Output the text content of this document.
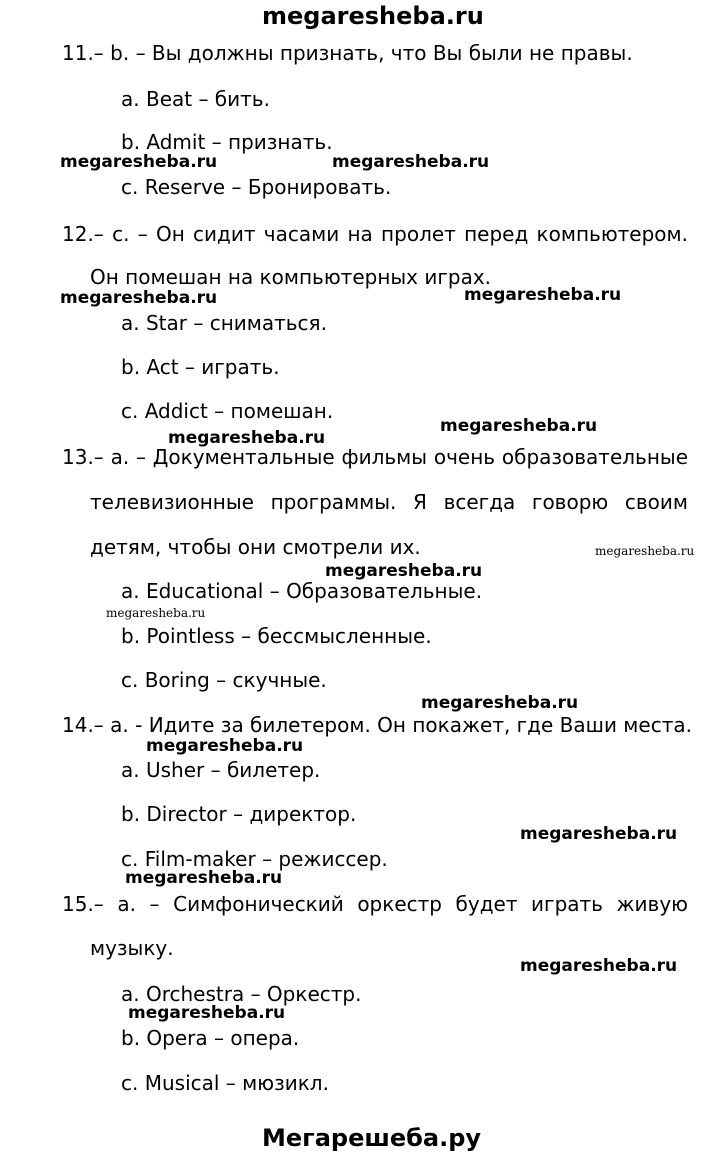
megaresheba.ru
11.– b. – Вы должны признать, что Вы были не правы.
a. Beat – бить.
b. Admit – признать.
c. Reserve – Бронировать.
12.– c. – Он сидит часами на пролет перед компьютером.
Он помешан на компьютерных играх.
a. Star – сниматься.
b. Act – играть.
c. Addict – помешан.
13.– a. – Документальные фильмы очень образовательные
телевизионные программы. Я всегда говорю своим
детям, чтобы они смотрели их.
a. Educational – Образовательные.
b. Pointless – бессмысленные.
c. Boring – скучные.
14.– a. - Идите за билетером. Он покажет, где Ваши места.
a. Usher – билетер.
b. Director – директор.
c. Film-maker – режиссер.
15.– a. – Симфонический оркестр будет играть живую
музыку.
a. Orchestra – Оркестр.
b. Opera – опера.
c. Musical – мюзикл.
Мегарешеба.ру
megaresheba.ru	megaresheba.ru
megaresheba.ru	megaresheba.ru
megaresheba.ru
megaresheba.ru
megaresheba.ru
megaresheba.ru
megaresheba.ru
megaresheba.ru
megaresheba.ru
megaresheba.ru
megaresheba.ru
megaresheba.ru
megaresheba.ru
